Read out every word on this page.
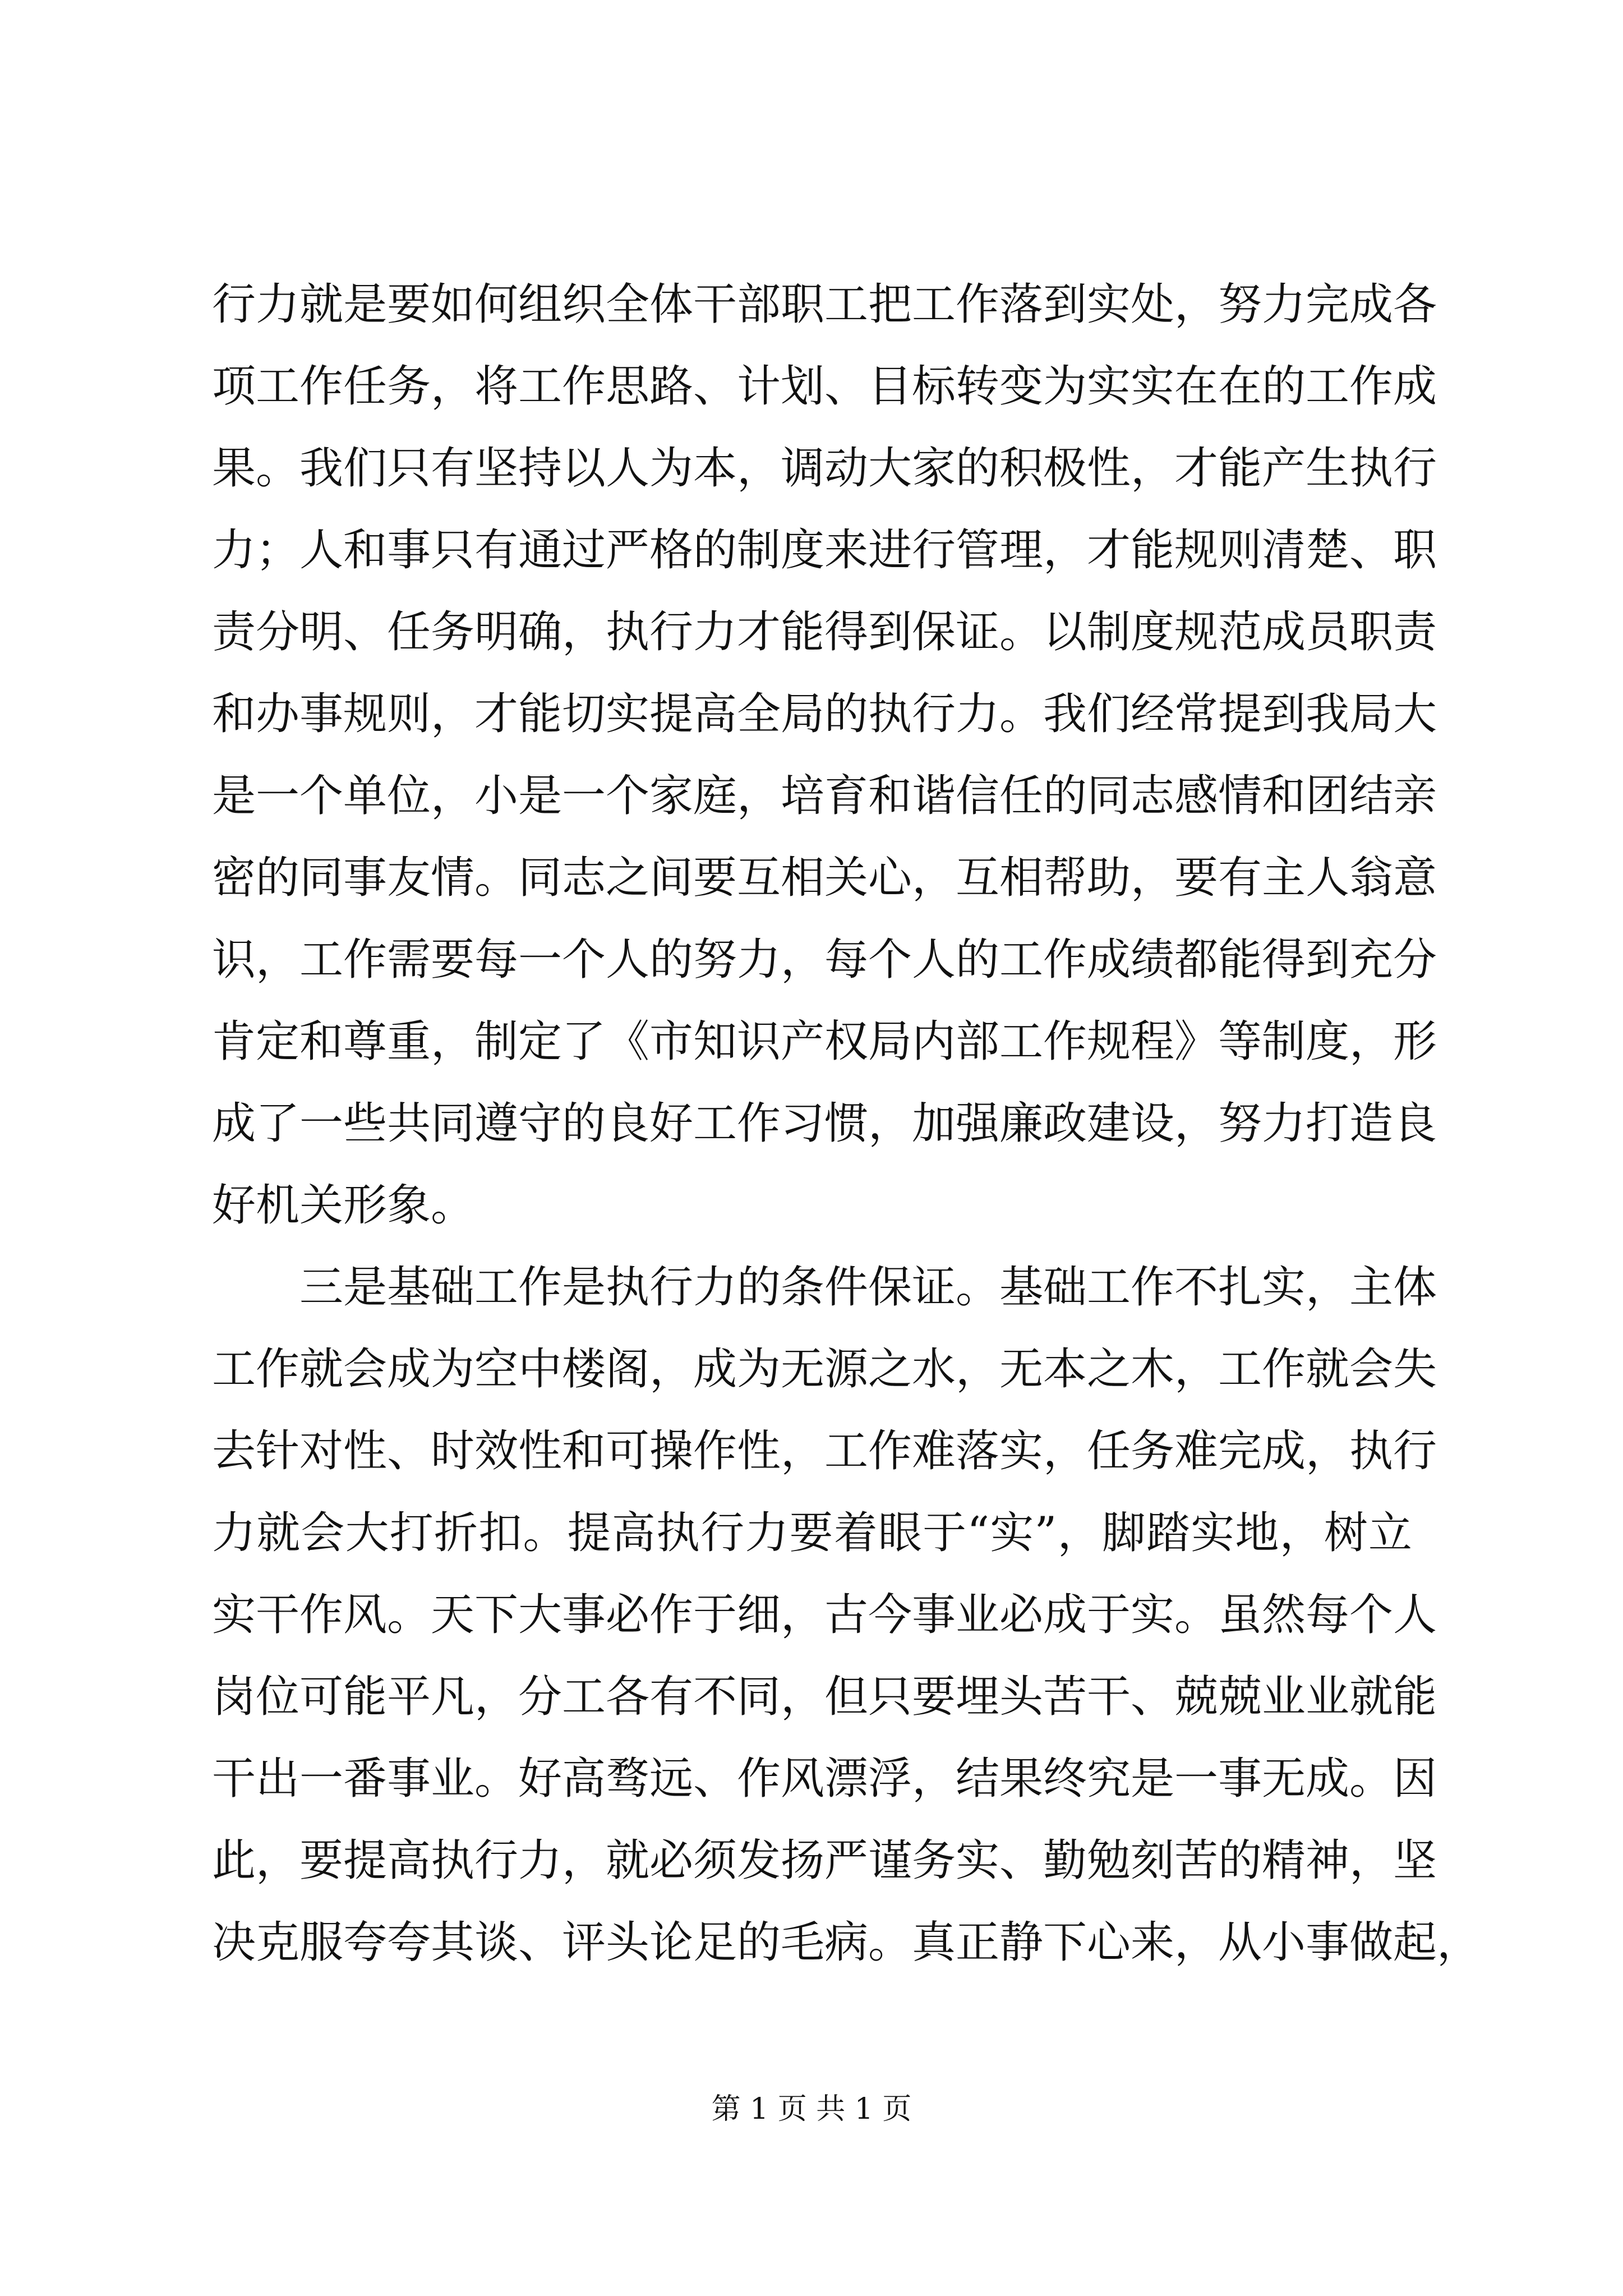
行力就是要如何组织全体干部职工把工作落到实处，努力完成各
项工作任务，将工作思路、计划、目标转变为实实在在的工作成
果。我们只有坚持以人为本，调动大家的积极性，才能产生执行
力；人和事只有通过严格的制度来进行管理，才能规则清楚、职
责分明、任务明确，执行力才能得到保证。以制度规范成员职责
和办事规则，才能切实提高全局的执行力。我们经常提到我局大
是一个单位，小是一个家庭，培育和谐信任的同志感情和团结亲
密的同事友情。同志之间要互相关心，互相帮助，要有主人翁意
识，工作需要每一个人的努力，每个人的工作成绩都能得到充分
肯定和尊重，制定了《市知识产权局内部工作规程》等制度，形
成了一些共同遵守的良好工作习惯，加强廉政建设，努力打造良
好机关形象。
三是基础工作是执行力的条件保证。基础工作不扎实，主体
工作就会成为空中楼阁，成为无源之水，无本之木，工作就会失
去针对性、时效性和可操作性，工作难落实，任务难完成，执行
力就会大打折扣。提高执行力要着眼于“实”，脚踏实地，树立
实干作风。天下大事必作于细，古今事业必成于实。虽然每个人
岗位可能平凡，分工各有不同，但只要埋头苦干、兢兢业业就能
干出一番事业。好高骛远、作风漂浮，结果终究是一事无成。因
此，要提高执行力，就必须发扬严谨务实、勤勉刻苦的精神，坚
决克服夸夸其谈、评头论足的毛病。真正静下心来，从小事做起，
第 1 页 共 1 页
